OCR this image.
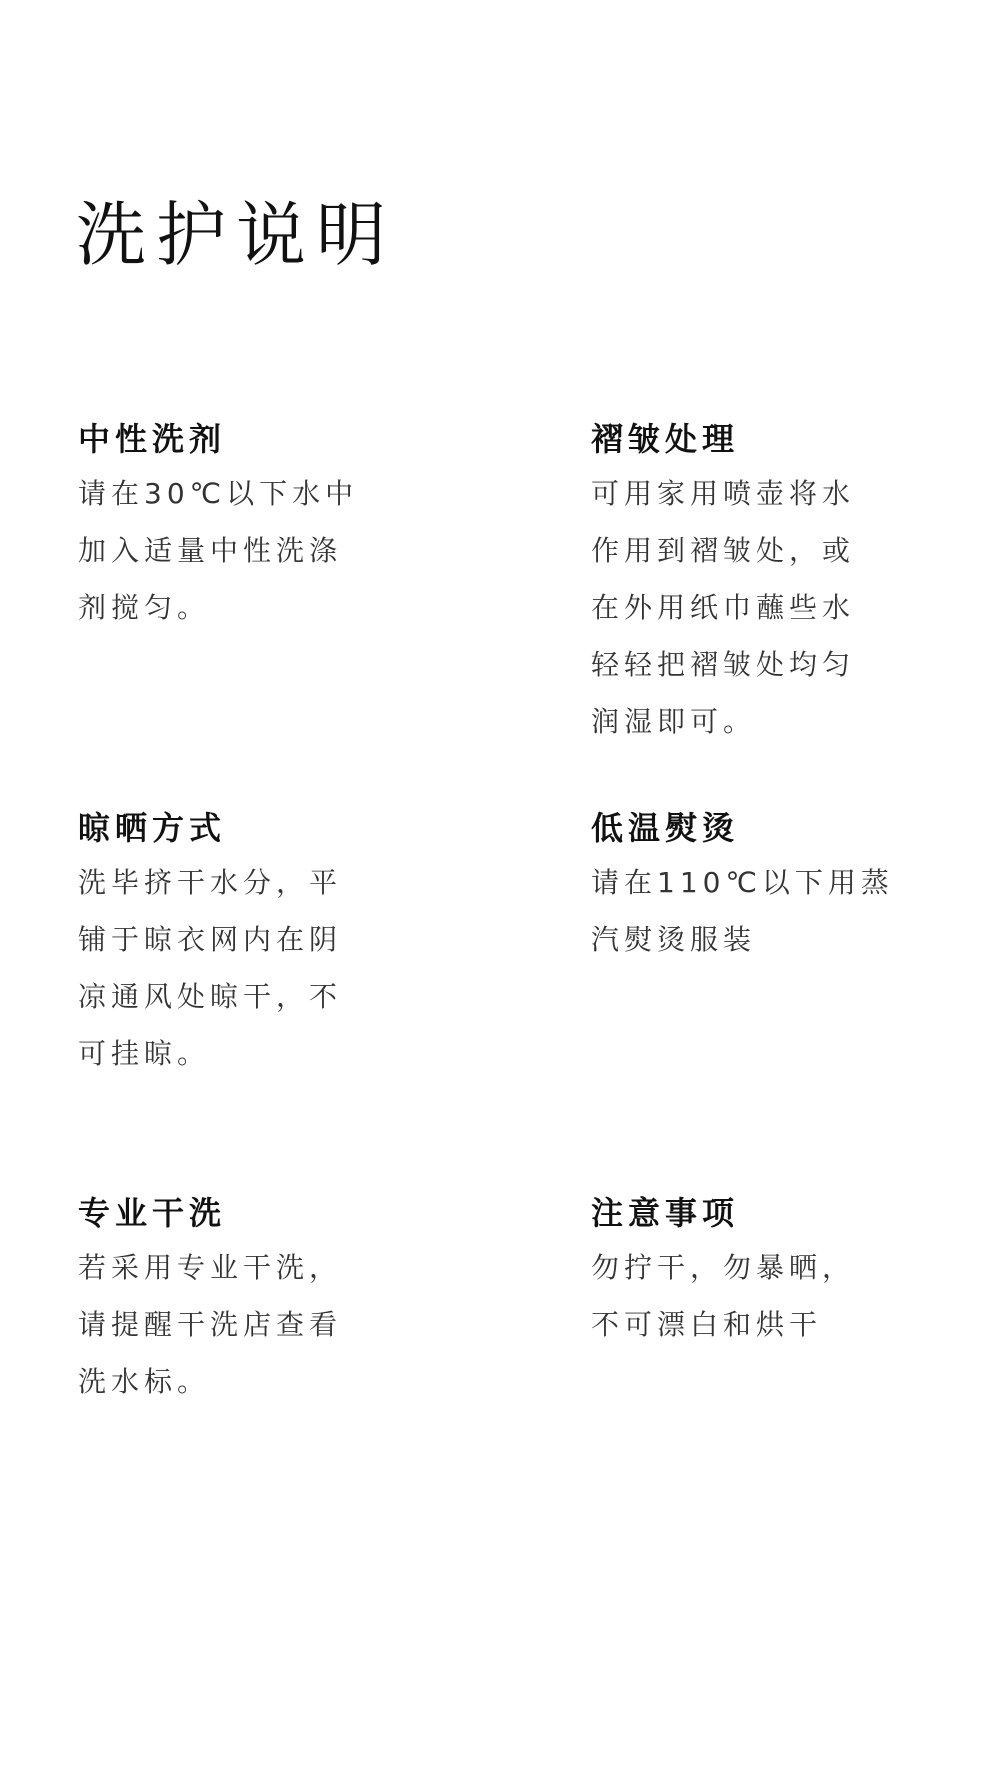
洗护说明
中性洗剂
请在30℃以下水中
加入适量中性洗涤
剂搅匀。
褶皱处理
可用家用喷壶将水
作用到褶皱处，或
在外用纸巾蘸些水
轻轻把褶皱处均匀
润湿即可。
晾晒方式
洗毕挤干水分，平
铺于晾衣网内在阴
凉通风处晾干，不
可挂晾。
低温熨烫
请在110℃以下用蒸
汽熨烫服装
专业干洗
若采用专业干洗，
请提醒干洗店查看
洗水标。
注意事项
勿拧干，勿暴晒，
不可漂白和烘干
